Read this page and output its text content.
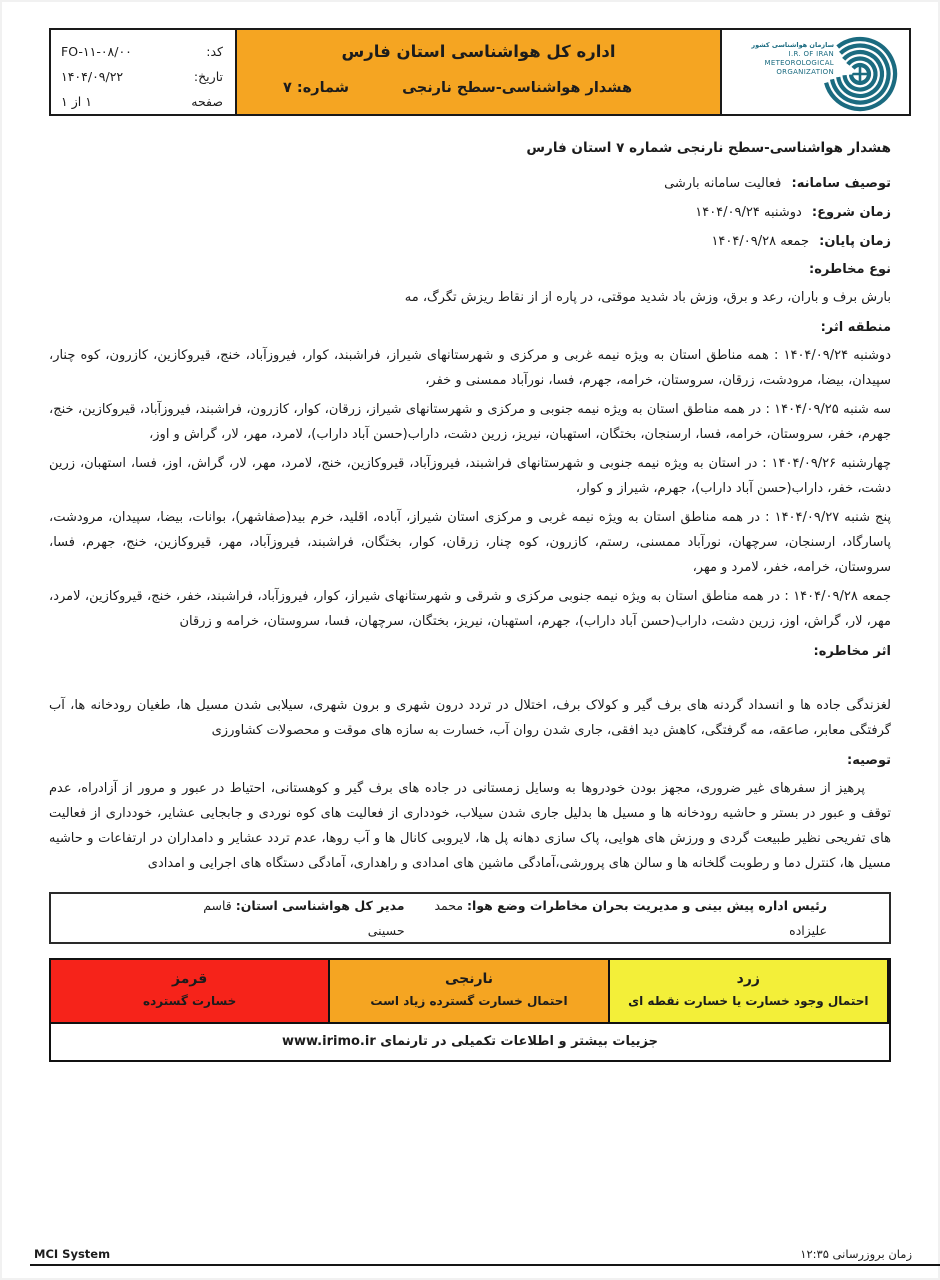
کد:
FO-۱۱-۰۸/۰۰
تاریخ:
۱۴۰۴/۰۹/۲۲
صفحه
۱ از ۱
اداره کل هواشناسی استان فارس
هشدار هواشناسی-سطح نارنجی
شماره: ۷
سازمان هواشناسی کشور
I.R. OF IRAN
METEOROLOGICAL
ORGANIZATION
هشدار هواشناسی-سطح نارنجی شماره ۷ استان فارس
توصیف سامانه: فعالیت سامانه بارشی
زمان شروع: دوشنبه ۱۴۰۴/۰۹/۲۴
زمان پایان: جمعه ۱۴۰۴/۰۹/۲۸
نوع مخاطره:
بارش برف و باران، رعد و برق، وزش باد شدید موقتی، در پاره از از نقاط ریزش تگرگ، مه
منطقه اثر:

دوشنبه ۱۴۰۴/۰۹/۲۴ : همه مناطق استان به ویژه نیمه غربی و مرکزی و شهرستانهای شیراز، فراشبند، کوار، فیروزآباد، خنج، قیروکازین، کازرون، کوه چنار، سپیدان، بیضا، مرودشت، زرقان، سروستان، خرامه، جهرم، فسا، نورآباد ممسنی و خفر،

سه شنبه ۱۴۰۴/۰۹/۲۵ : در همه مناطق استان به ویژه نیمه جنوبی و مرکزی و شهرستانهای شیراز، زرقان، کوار، کازرون، فراشبند، فیروزآباد، قیروکازین، خنج، جهرم، خفر، سروستان، خرامه، فسا، ارسنجان، بختگان، استهبان، نیریز، زرین دشت، داراب(حسن آباد داراب)، لامرد، مهر، لار، گراش و اوز،

چهارشنبه ۱۴۰۴/۰۹/۲۶ : در استان به ویژه نیمه جنوبی و شهرستانهای فراشبند، فیروزآباد، قیروکازین، خنج، لامرد، مهر، لار، گراش، اوز، فسا، استهبان، زرین دشت، خفر، داراب(حسن آباد داراب)، جهرم، شیراز و کوار،

پنج شنبه ۱۴۰۴/۰۹/۲۷ : در همه مناطق استان به ویژه نیمه غربی و مرکزی استان شیراز، آباده، اقلید، خرم بید(صفاشهر)، بوانات، بیضا، سپیدان، مرودشت، پاسارگاد، ارسنجان، سرچهان، نورآباد ممسنی، رستم، کازرون، کوه چنار، زرقان، کوار، بختگان، فراشبند، فیروزآباد، مهر، قیروکازین، خنج، جهرم، فسا، سروستان، خرامه، خفر، لامرد و مهر،

جمعه ۱۴۰۴/۰۹/۲۸ : در همه مناطق استان به ویژه نیمه جنوبی مرکزی و شرقی و شهرستانهای شیراز، کوار، فیروزآباد، فراشبند، خفر، خنج، قیروکازین، لامرد، مهر، لار، گراش، اوز، زرین دشت، داراب(حسن آباد داراب)، جهرم، استهبان، نیریز، بختگان، سرچهان، فسا، سروستان، خرامه و زرقان

اثر مخاطره:
لغزندگی جاده ها و انسداد گردنه های برف گیر و کولاک برف، اختلال در تردد درون شهری و برون شهری، سیلابی شدن مسیل ها، طغیان رودخانه ها، آب گرفتگی معابر، صاعقه، مه گرفتگی، کاهش دید افقی، جاری شدن روان آب، خسارت به سازه های موقت و محصولات کشاورزی
توصیه:
پرهیز از سفرهای غیر ضروری، مجهز بودن خودروها به وسایل زمستانی در جاده های برف گیر و کوهستانی، احتیاط در عبور و مرور از آزادراه، عدم توقف و عبور در بستر و حاشیه رودخانه ها و مسیل ها بدلیل جاری شدن سیلاب، خودداری از فعالیت های کوه نوردی و جابجایی عشایر، خودداری از فعالیت های تفریحی نظیر طبیعت گردی و ورزش های هوایی، پاک سازی دهانه پل ها، لایروبی کانال ها و آب روها، عدم تردد عشایر و دامداران در ارتفاعات و حاشیه مسیل ها، کنترل دما و رطوبت گلخانه ها و سالن های پرورشی،آمادگی ماشین های امدادی و راهداری، آمادگی دستگاه های اجرایی و امدادی
رئیس اداره پیش بینی و مدیریت بحران مخاطرات وضع هوا: محمد علیزاده
مدیر کل هواشناسی استان: قاسم حسینی
قرمز
خسارت گسترده
نارنجی
احتمال خسارت گسترده زیاد است
زرد
احتمال وجود خسارت یا خسارت نقطه ای
جزییات بیشتر و اطلاعات تکمیلی در تارنمای www.irimo.ir
MCI System	زمان بروزرسانی ۱۲:۳۵
